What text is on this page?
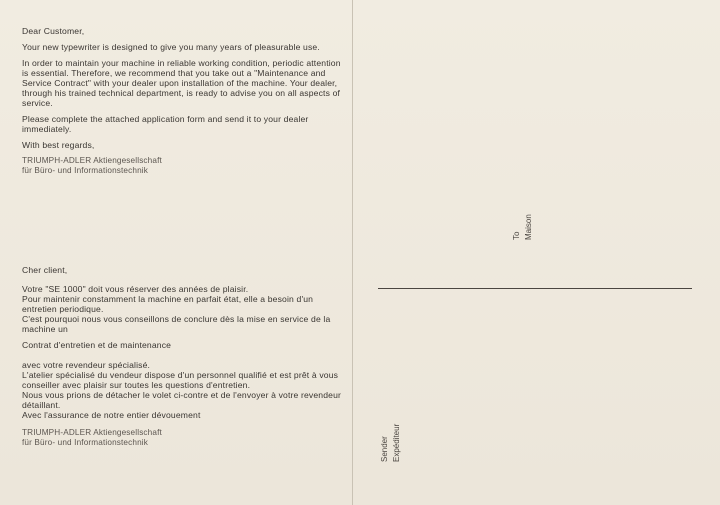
Dear Customer,

Your new typewriter is designed to give you many years of pleasurable use.

In order to maintain your machine in reliable working condition, periodic attention is essential. Therefore, we recommend that you take out a "Maintenance and Service Contract" with your dealer upon installation of the machine. Your dealer, through his trained technical department, is ready to advise you on all aspects of service.

Please complete the attached application form and send it to your dealer immediately.

With best regards,

TRIUMPH-ADLER Aktiengesellschaft
für Büro- und Informationstechnik

Cher client,

Votre "SE 1000" doit vous réserver des années de plaisir.
Pour maintenir constamment la machine en parfait état, elle a besoin d'un entretien periodique.

C'est pourquoi nous vous conseillons de conclure dès la mise en service de la machine un

Contrat d'entretien et de maintenance

avec votre revendeur spécialisé.
L'atelier spécialisé du vendeur dispose d'un personnel qualifié et est prêt à vous conseiller avec plaisir sur toutes les questions d'entretien.
Nous vous prions de détacher le volet ci-contre et de l'envoyer à votre revendeur détaillant.

Avec l'assurance de notre entier dévouement

TRIUMPH-ADLER Aktiengesellschaft
für Büro- und Informationstechnik
To Maison
Sender Expéditeur
